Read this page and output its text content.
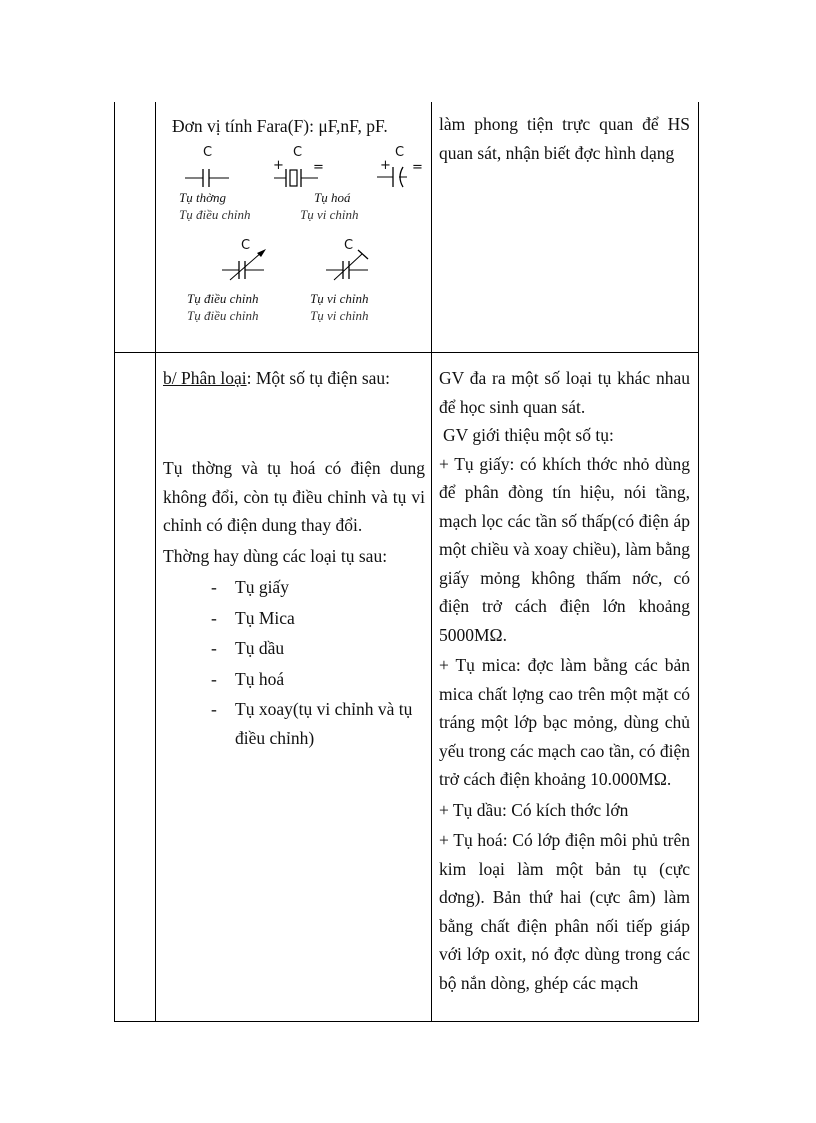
Đơn vị tính Fara(F): μF,nF, pF.
C
Tụ thờng
Tụ điều chỉnh
C
+ =
Tụ hoá
Tụ vi chỉnh
C
+ =
C
Tụ điều chỉnh
Tụ điều chỉnh
C
Tụ vi chỉnh
Tụ vi chỉnh
làm phong tiện trực quan để HS quan sát, nhận biết đợc hình dạng
b/ Phân loại: Một số tụ điện sau:
Tụ thờng và tụ hoá có điện dung không đổi, còn tụ điều chỉnh và tụ vi chỉnh có điện dung thay đổi.
Thờng hay dùng các loại tụ sau:
- Tụ giấy
- Tụ Mica
- Tụ dầu
- Tụ hoá
- Tụ xoay(tụ vi chỉnh và tụ điều chỉnh)
GV đa ra một số loại tụ khác nhau để học sinh quan sát.
GV giới thiệu một số tụ:
+ Tụ giấy: có khích thớc nhỏ dùng để phân đòng tín hiệu, nói tầng, mạch lọc các tần số thấp(có điện áp một chiều và xoay chiều), làm bằng giấy mỏng không thấm nớc, có điện trở cách điện lớn khoảng 5000MΩ.
+ Tụ mica: đợc làm bằng các bản mica chất lợng cao trên một mặt có tráng một lớp bạc mỏng, dùng chủ yếu trong các mạch cao tần, có điện trở cách điện khoảng 10.000MΩ.
+ Tụ dầu: Có kích thớc lớn
+ Tụ hoá: Có lớp điện môi phủ trên kim loại làm một bản tụ (cực dơng). Bản thứ hai (cực âm) làm bằng chất điện phân nối tiếp giáp với lớp oxit, nó đợc dùng trong các bộ nắn dòng, ghép các mạch
